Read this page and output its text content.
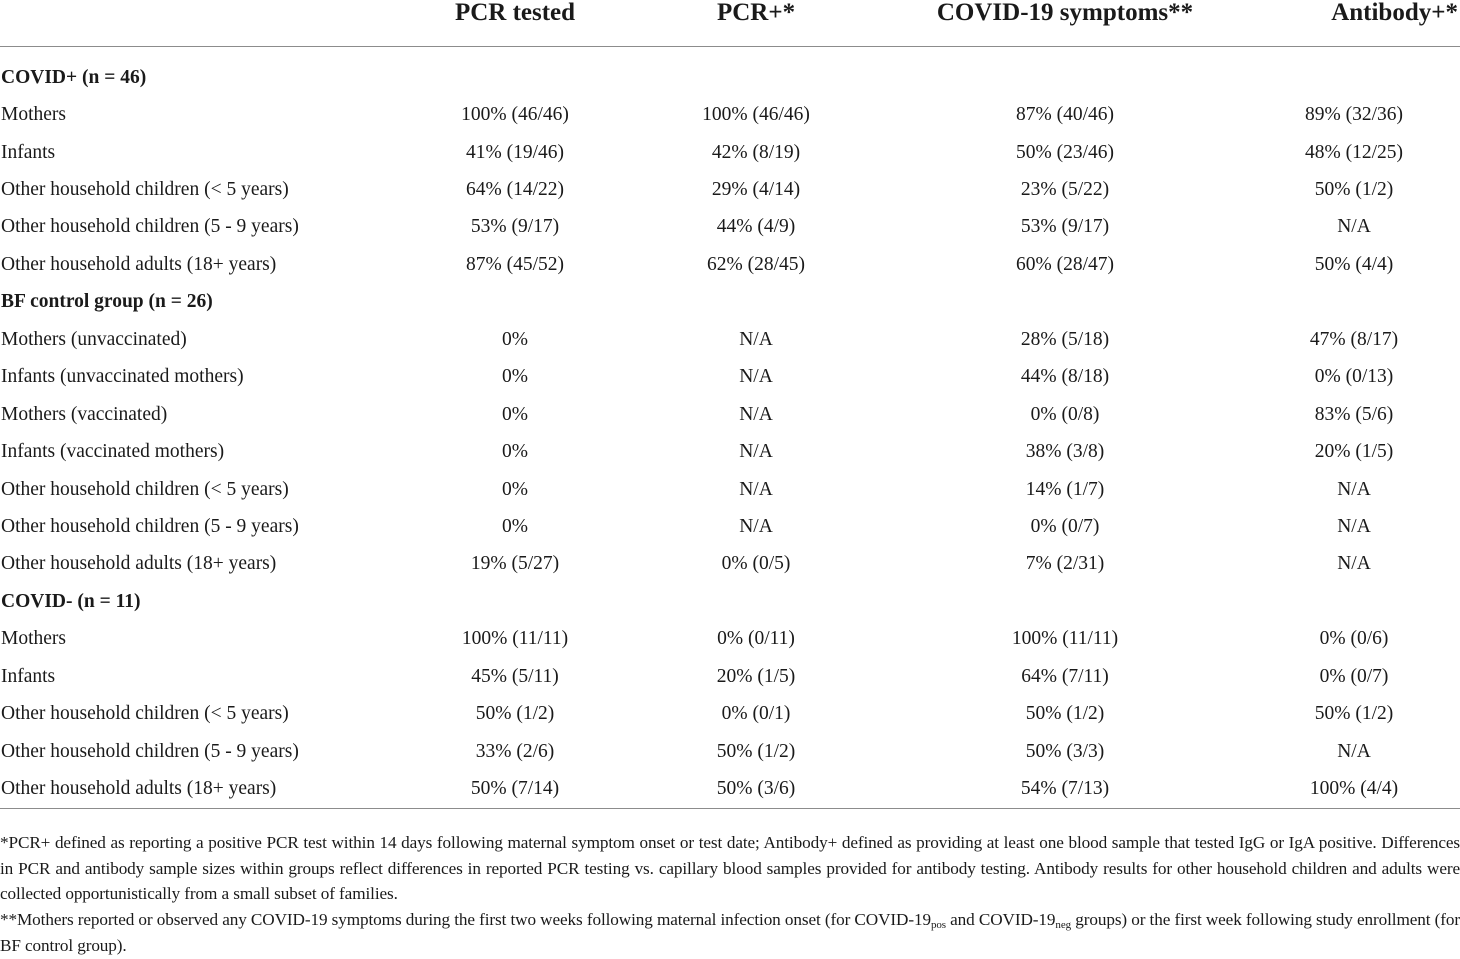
	PCR tested	PCR+*	COVID-19 symptoms**	Antibody+*
COVID+ (n = 46)				
Mothers	100% (46/46)	100% (46/46)	87% (40/46)	89% (32/36)
Infants	41% (19/46)	42% (8/19)	50% (23/46)	48% (12/25)
Other household children (< 5 years)	64% (14/22)	29% (4/14)	23% (5/22)	50% (1/2)
Other household children (5 - 9 years)	53% (9/17)	44% (4/9)	53% (9/17)	N/A
Other household adults (18+ years)	87% (45/52)	62% (28/45)	60% (28/47)	50% (4/4)
BF control group (n = 26)				
Mothers (unvaccinated)	0%	N/A	28% (5/18)	47% (8/17)
Infants (unvaccinated mothers)	0%	N/A	44% (8/18)	0% (0/13)
Mothers (vaccinated)	0%	N/A	0% (0/8)	83% (5/6)
Infants (vaccinated mothers)	0%	N/A	38% (3/8)	20% (1/5)
Other household children (< 5 years)	0%	N/A	14% (1/7)	N/A
Other household children (5 - 9 years)	0%	N/A	0% (0/7)	N/A
Other household adults (18+ years)	19% (5/27)	0% (0/5)	7% (2/31)	N/A
COVID- (n = 11)				
Mothers	100% (11/11)	0% (0/11)	100% (11/11)	0% (0/6)
Infants	45% (5/11)	20% (1/5)	64% (7/11)	0% (0/7)
Other household children (< 5 years)	50% (1/2)	0% (0/1)	50% (1/2)	50% (1/2)
Other household children (5 - 9 years)	33% (2/6)	50% (1/2)	50% (3/3)	N/A
Other household adults (18+ years)	50% (7/14)	50% (3/6)	54% (7/13)	100% (4/4)

*PCR+ defined as reporting a positive PCR test within 14 days following maternal symptom onset or test date; Antibody+ defined as providing at least one blood sample that tested IgG or IgA positive. Differences in PCR and antibody sample sizes within groups reflect differences in reported PCR testing vs. capillary blood samples provided for antibody testing. Antibody results for other household children and adults were collected opportunistically from a small subset of families.

**Mothers reported or observed any COVID-19 symptoms during the first two weeks following maternal infection onset (for COVID-$19_{pos}$ and COVID-$19_{neg}$ groups) or the first week following study enrollment (for BF control group).
